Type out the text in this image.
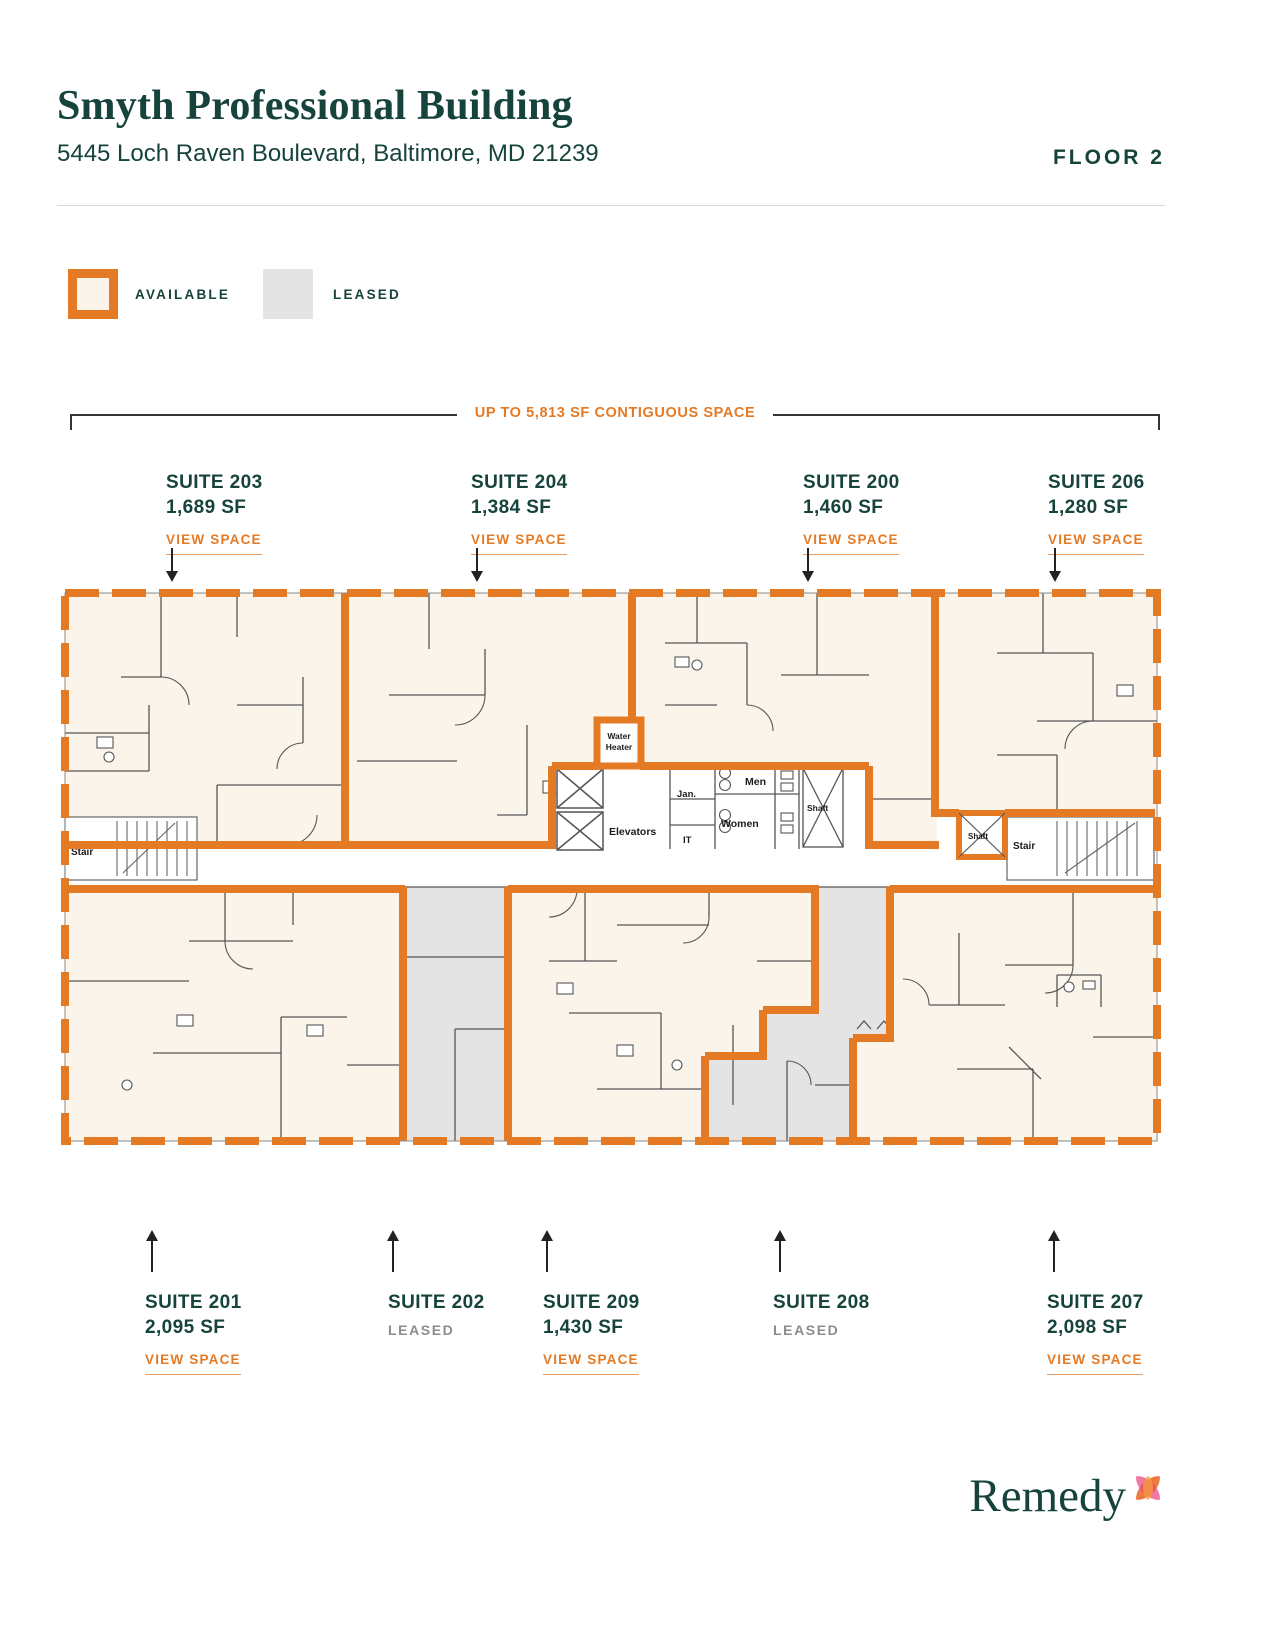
Smyth Professional Building
5445 Loch Raven Boulevard, Baltimore, MD 21239	FLOOR 2
AVAILABLE	LEASED
UP TO 5,813 SF CONTIGUOUS SPACE
SUITE 203
1,689 SF
VIEW SPACE
SUITE 204
1,384 SF
VIEW SPACE
SUITE 200
1,460 SF
VIEW SPACE
SUITE 206
1,280 SF
VIEW SPACE
Stair
Stair
Elevators
Shaft
Water
Heater
Shaft
Jan.
IT
Men
Women
SUITE 201
2,095 SF
VIEW SPACE
SUITE 202
LEASED
SUITE 209
1,430 SF
VIEW SPACE
SUITE 208
LEASED
SUITE 207
2,098 SF
VIEW SPACE
Remedy
